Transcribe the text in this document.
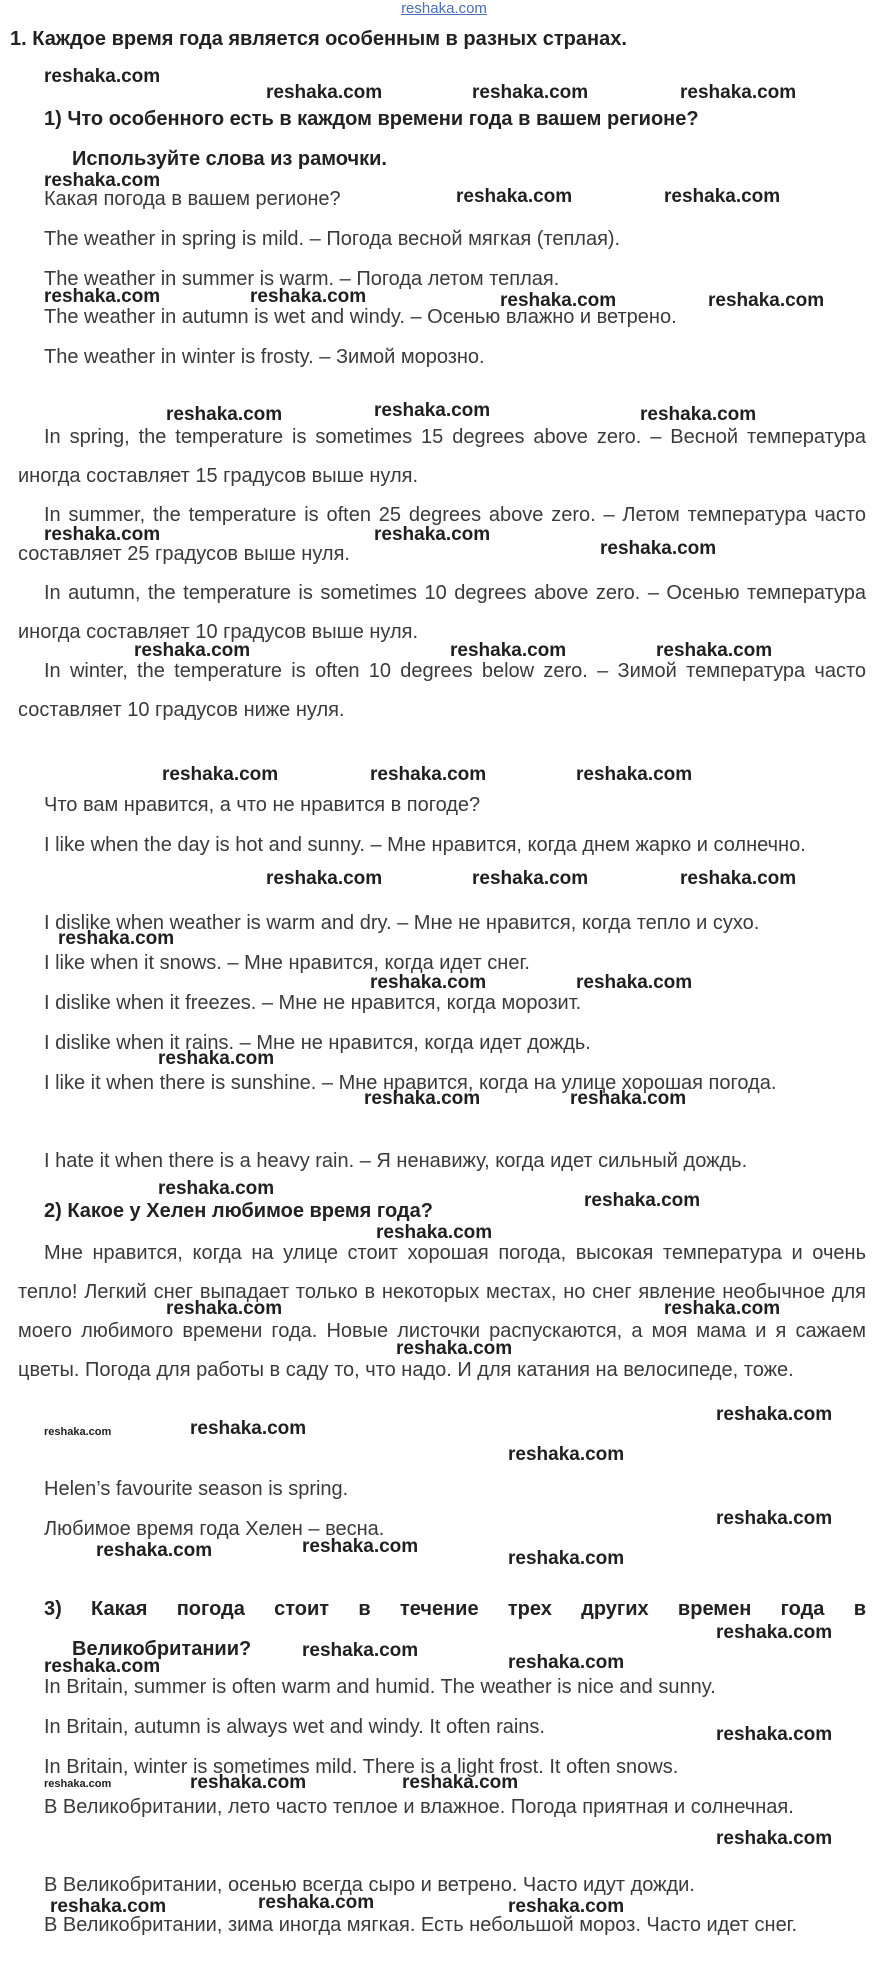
reshaka.com
1. Каждое время года является особенным в разных странах.
1) Что особенного есть в каждом времени года в вашем регионе?
Используйте слова из рамочки.
Какая погода в вашем регионе?
The weather in spring is mild. – Погода весной мягкая (теплая).
The weather in summer is warm. – Погода летом теплая.
The weather in autumn is wet and windy. – Осенью влажно и ветрено.
The weather in winter is frosty. – Зимой морозно.
In spring, the temperature is sometimes 15 degrees above zero. – Весной температура иногда составляет 15 градусов выше нуля.
In summer, the temperature is often 25 degrees above zero. – Летом температура часто составляет 25 градусов выше нуля.
In autumn, the temperature is sometimes 10 degrees above zero. – Осенью температура иногда составляет 10 градусов выше нуля.
In winter, the temperature is often 10 degrees below zero. – Зимой температура часто составляет 10 градусов ниже нуля.
Что вам нравится, а что не нравится в погоде?
I like when the day is hot and sunny. – Мне нравится, когда днем жарко и солнечно.
I dislike when weather is warm and dry. – Мне не нравится, когда тепло и сухо.
I like when it snows. – Мне нравится, когда идет снег.
I dislike when it freezes. – Мне не нравится, когда морозит.
I dislike when it rains. – Мне не нравится, когда идет дождь.
I like it when there is sunshine. – Мне нравится, когда на улице хорошая погода.
I hate it when there is a heavy rain. – Я ненавижу, когда идет сильный дождь.
2) Какое у Хелен любимое время года?
Мне нравится, когда на улице стоит хорошая погода, высокая температура и очень тепло! Легкий снег выпадает только в некоторых местах, но снег явление необычное для моего любимого времени года. Новые листочки распускаются, а моя мама и я сажаем цветы. Погода для работы в саду то, что надо. И для катания на велосипеде, тоже.
Helen’s favourite season is spring.
Любимое время года Хелен – весна.
3) Какая погода стоит в течение трех других времен года в
Великобритании?
In Britain, summer is often warm and humid. The weather is nice and sunny.
In Britain, autumn is always wet and windy. It often rains.
In Britain, winter is sometimes mild. There is a light frost. It often snows.
В Великобритании, лето часто теплое и влажное. Погода приятная и солнечная.
В Великобритании, осенью всегда сыро и ветрено. Часто идут дожди.
В Великобритании, зима иногда мягкая. Есть небольшой мороз. Часто идет снег.
reshaka.com
reshaka.com	reshaka.com	reshaka.com
reshaka.com
reshaka.com	reshaka.com
reshaka.com	reshaka.com	reshaka.com	reshaka.com
reshaka.com	reshaka.com	reshaka.com
reshaka.com	reshaka.com
reshaka.com
reshaka.com	reshaka.com	reshaka.com
reshaka.com	reshaka.com	reshaka.com
reshaka.com	reshaka.com	reshaka.com
reshaka.com
reshaka.com	reshaka.com
reshaka.com
reshaka.com	reshaka.com
reshaka.com
reshaka.com
reshaka.com
reshaka.com	reshaka.com
reshaka.com
reshaka.com
reshaka.com	reshaka.com
reshaka.com
reshaka.com
reshaka.com	reshaka.com
reshaka.com
reshaka.com
reshaka.com
reshaka.com	reshaka.com
reshaka.com
reshaka.com	reshaka.com	reshaka.com
reshaka.com
reshaka.com	reshaka.com	reshaka.com
